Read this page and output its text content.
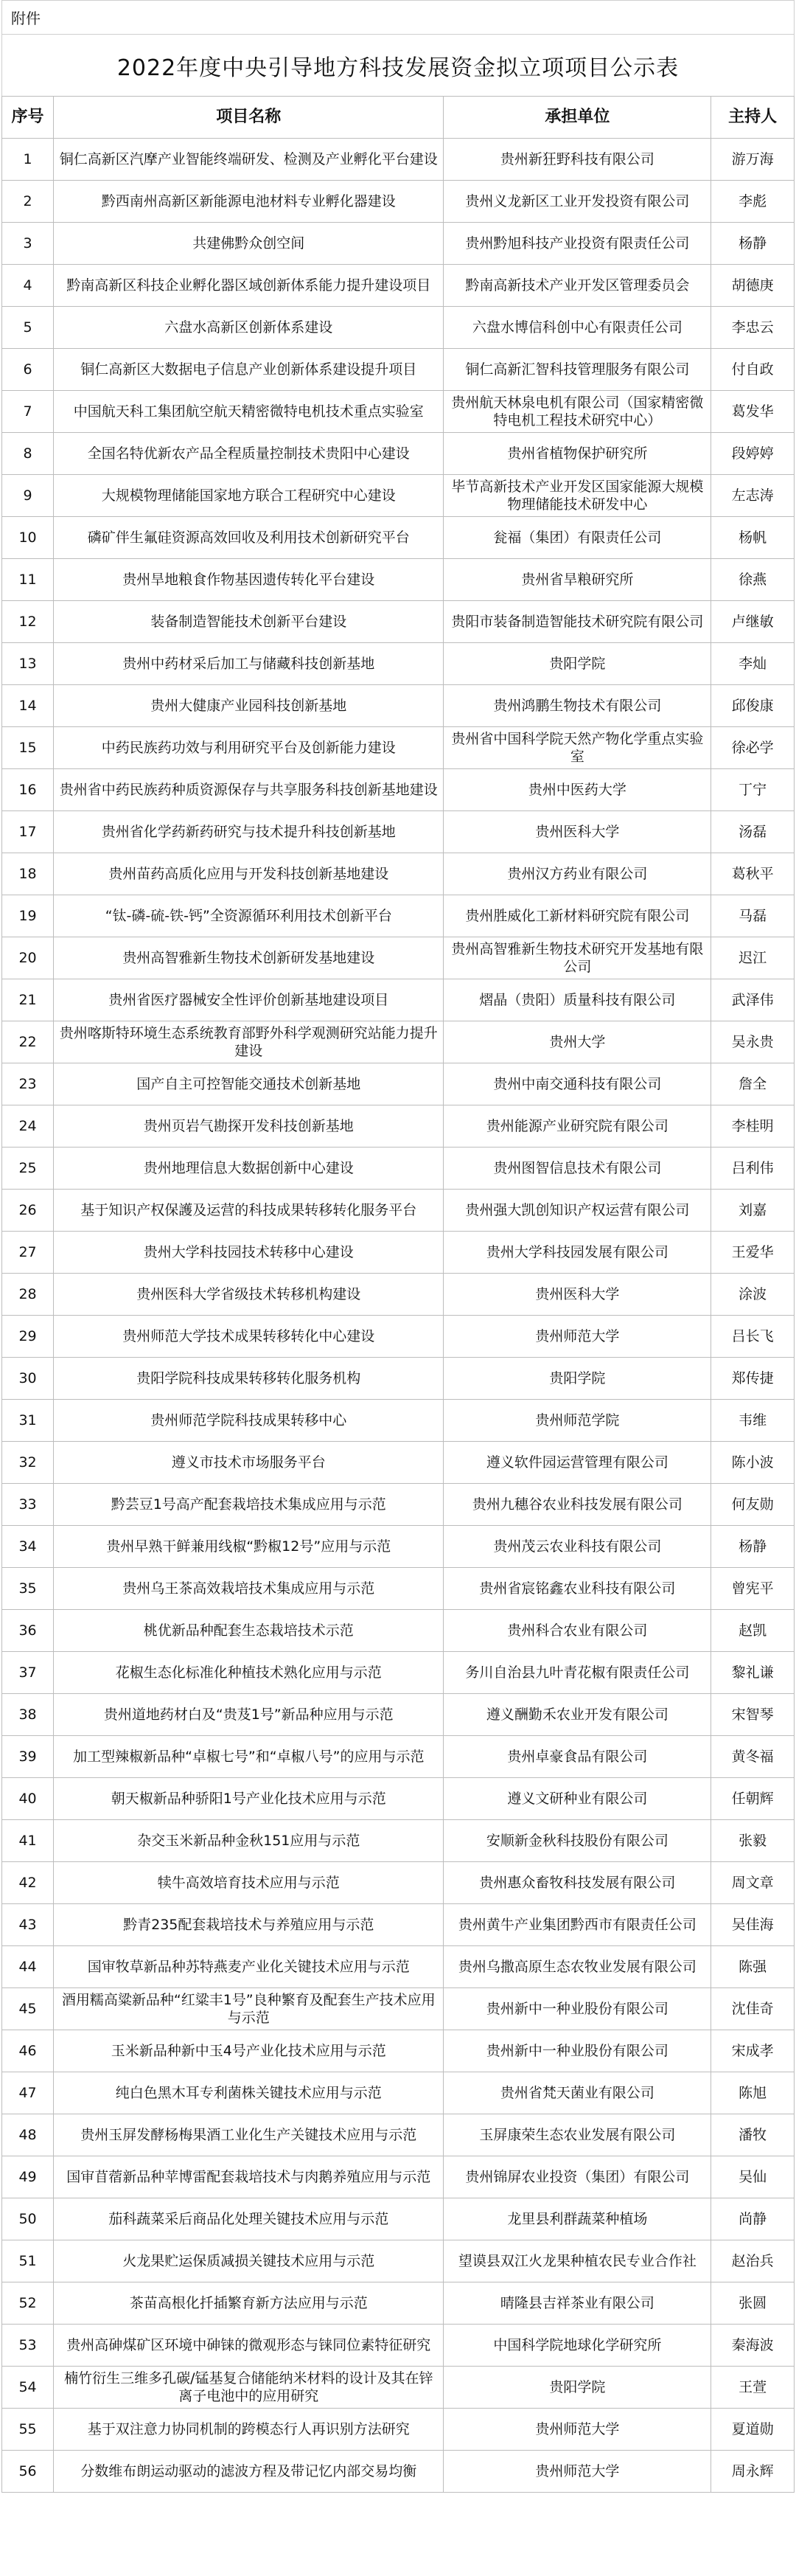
附件
2022年度中央引导地方科技发展资金拟立项项目公示表
序号	项目名称	承担单位	主持人
1	铜仁高新区汽摩产业智能终端研发、检测及产业孵化平台建设	贵州新狂野科技有限公司	游万海
2	黔西南州高新区新能源电池材料专业孵化器建设	贵州义龙新区工业开发投资有限公司	李彪
3	共建佛黔众创空间	贵州黔旭科技产业投资有限责任公司	杨静
4	黔南高新区科技企业孵化器区域创新体系能力提升建设项目	黔南高新技术产业开发区管理委员会	胡德庚
5	六盘水高新区创新体系建设	六盘水博信科创中心有限责任公司	李忠云
6	铜仁高新区大数据电子信息产业创新体系建设提升项目	铜仁高新汇智科技管理服务有限公司	付自政
7	中国航天科工集团航空航天精密微特电机技术重点实验室	贵州航天林泉电机有限公司（国家精密微特电机工程技术研究中心）	葛发华
8	全国名特优新农产品全程质量控制技术贵阳中心建设	贵州省植物保护研究所	段婷婷
9	大规模物理储能国家地方联合工程研究中心建设	毕节高新技术产业开发区国家能源大规模物理储能技术研发中心	左志涛
10	磷矿伴生氟硅资源高效回收及利用技术创新研究平台	瓮福（集团）有限责任公司	杨帆
11	贵州旱地粮食作物基因遗传转化平台建设	贵州省旱粮研究所	徐燕
12	装备制造智能技术创新平台建设	贵阳市装备制造智能技术研究院有限公司	卢继敏
13	贵州中药材采后加工与储藏科技创新基地	贵阳学院	李灿
14	贵州大健康产业园科技创新基地	贵州鸿鹏生物技术有限公司	邱俊康
15	中药民族药功效与利用研究平台及创新能力建设	贵州省中国科学院天然产物化学重点实验室	徐必学
16	贵州省中药民族药种质资源保存与共享服务科技创新基地建设	贵州中医药大学	丁宁
17	贵州省化学药新药研究与技术提升科技创新基地	贵州医科大学	汤磊
18	贵州苗药高质化应用与开发科技创新基地建设	贵州汉方药业有限公司	葛秋平
19	“钛-磷-硫-铁-钙”全资源循环利用技术创新平台	贵州胜威化工新材料研究院有限公司	马磊
20	贵州高智雅新生物技术创新研发基地建设	贵州高智雅新生物技术研究开发基地有限公司	迟江
21	贵州省医疗器械安全性评价创新基地建设项目	熠晶（贵阳）质量科技有限公司	武泽伟
22	贵州喀斯特环境生态系统教育部野外科学观测研究站能力提升建设	贵州大学	吴永贵
23	国产自主可控智能交通技术创新基地	贵州中南交通科技有限公司	詹全
24	贵州页岩气勘探开发科技创新基地	贵州能源产业研究院有限公司	李桂明
25	贵州地理信息大数据创新中心建设	贵州图智信息技术有限公司	吕利伟
26	基于知识产权保護及运营的科技成果转移转化服务平台	贵州强大凯创知识产权运营有限公司	刘嘉
27	贵州大学科技园技术转移中心建设	贵州大学科技园发展有限公司	王爱华
28	贵州医科大学省级技术转移机构建设	贵州医科大学	涂波
29	贵州师范大学技术成果转移转化中心建设	贵州师范大学	吕长飞
30	贵阳学院科技成果转移转化服务机构	贵阳学院	郑传捷
31	贵州师范学院科技成果转移中心	贵州师范学院	韦维
32	遵义市技术市场服务平台	遵义软件园运营管理有限公司	陈小波
33	黔芸豆1号高产配套栽培技术集成应用与示范	贵州九穗谷农业科技发展有限公司	何友勋
34	贵州早熟干鲜兼用线椒“黔椒12号”应用与示范	贵州茂云农业科技有限公司	杨静
35	贵州乌王茶高效栽培技术集成应用与示范	贵州省宸铭鑫农业科技有限公司	曾宪平
36	桃优新品种配套生态栽培技术示范	贵州科合农业有限公司	赵凯
37	花椒生态化标准化种植技术熟化应用与示范	务川自治县九叶青花椒有限责任公司	黎礼谦
38	贵州道地药材白及“贵芨1号”新品种应用与示范	遵义酬勤禾农业开发有限公司	宋智琴
39	加工型辣椒新品种“卓椒七号”和“卓椒八号”的应用与示范	贵州卓豪食品有限公司	黄冬福
40	朝天椒新品种骄阳1号产业化技术应用与示范	遵义文研种业有限公司	任朝辉
41	杂交玉米新品种金秋151应用与示范	安顺新金秋科技股份有限公司	张毅
42	犊牛高效培育技术应用与示范	贵州惠众畜牧科技发展有限公司	周文章
43	黔青235配套栽培技术与养殖应用与示范	贵州黄牛产业集团黔西市有限责任公司	吴佳海
44	国审牧草新品种苏特燕麦产业化关键技术应用与示范	贵州乌撒高原生态农牧业发展有限公司	陈强
45	酒用糯高粱新品种“红粱丰1号”良种繁育及配套生产技术应用与示范	贵州新中一种业股份有限公司	沈佳奇
46	玉米新品种新中玉4号产业化技术应用与示范	贵州新中一种业股份有限公司	宋成孝
47	纯白色黑木耳专利菌株关键技术应用与示范	贵州省梵天菌业有限公司	陈旭
48	贵州玉屏发酵杨梅果酒工业化生产关键技术应用与示范	玉屏康荣生态农业发展有限公司	潘牧
49	国审苜蓿新品种苹博雷配套栽培技术与肉鹅养殖应用与示范	贵州锦屏农业投资（集团）有限公司	吴仙
50	茄科蔬菜采后商品化处理关键技术应用与示范	龙里县利群蔬菜种植场	尚静
51	火龙果贮运保质减损关键技术应用与示范	望谟县双江火龙果种植农民专业合作社	赵治兵
52	茶苗高根化扦插繁育新方法应用与示范	晴隆县吉祥茶业有限公司	张圆
53	贵州高砷煤矿区环境中砷铼的微观形态与铼同位素特征研究	中国科学院地球化学研究所	秦海波
54	楠竹衍生三维多孔碳/锰基复合储能纳米材料的设计及其在锌离子电池中的应用研究	贵阳学院	王萱
55	基于双注意力协同机制的跨模态行人再识别方法研究	贵州师范大学	夏道勋
56	分数维布朗运动驱动的滤波方程及带记忆内部交易均衡	贵州师范大学	周永辉
